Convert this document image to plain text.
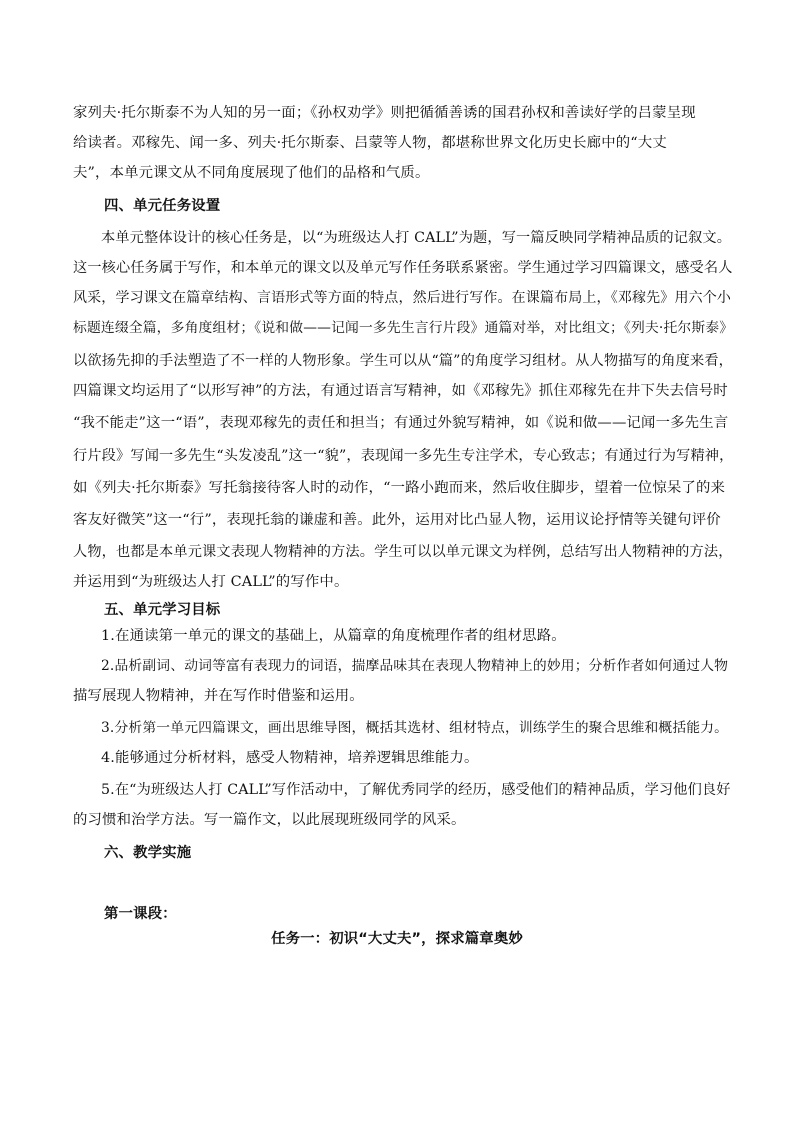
家列夫·托尔斯泰不为人知的另一面；《孙权劝学》则把循循善诱的国君孙权和善读好学的吕蒙呈现
给读者。邓稼先、闻一多、列夫·托尔斯泰、吕蒙等人物，都堪称世界文化历史长廊中的“大丈
夫”，本单元课文从不同角度展现了他们的品格和气质。
四、单元任务设置
本单元整体设计的核心任务是，以“为班级达人打 CALL”为题，写一篇反映同学精神品质的记叙文。
这一核心任务属于写作，和本单元的课文以及单元写作任务联系紧密。学生通过学习四篇课文，感受名人
风采，学习课文在篇章结构、言语形式等方面的特点，然后进行写作。在课篇布局上，《邓稼先》用六个小
标题连缀全篇，多角度组材；《说和做——记闻一多先生言行片段》通篇对举，对比组文；《列夫·托尔斯泰》
以欲扬先抑的手法塑造了不一样的人物形象。学生可以从“篇”的角度学习组材。从人物描写的角度来看，
四篇课文均运用了“以形写神”的方法，有通过语言写精神，如《邓稼先》抓住邓稼先在井下失去信号时
“我不能走”这一“语”，表现邓稼先的责任和担当；有通过外貌写精神，如《说和做——记闻一多先生言
行片段》写闻一多先生“头发凌乱”这一“貌”，表现闻一多先生专注学术，专心致志；有通过行为写精神，
如《列夫·托尔斯泰》写托翁接待客人时的动作，“一路小跑而来，然后收住脚步，望着一位惊呆了的来
客友好微笑”这一“行”，表现托翁的谦虚和善。此外，运用对比凸显人物，运用议论抒情等关键句评价
人物，也都是本单元课文表现人物精神的方法。学生可以以单元课文为样例，总结写出人物精神的方法，
并运用到“为班级达人打 CALL”的写作中。
五、单元学习目标
1.在通读第一单元的课文的基础上，从篇章的角度梳理作者的组材思路。
2.品析副词、动词等富有表现力的词语，揣摩品味其在表现人物精神上的妙用；分析作者如何通过人物
描写展现人物精神，并在写作时借鉴和运用。
3.分析第一单元四篇课文，画出思维导图，概括其选材、组材特点，训练学生的聚合思维和概括能力。
4.能够通过分析材料，感受人物精神，培养逻辑思维能力。
5.在“为班级达人打 CALL”写作活动中，了解优秀同学的经历，感受他们的精神品质，学习他们良好
的习惯和治学方法。写一篇作文，以此展现班级同学的风采。
六、教学实施
第一课段：
任务一：初识“大丈夫”，探求篇章奥妙
